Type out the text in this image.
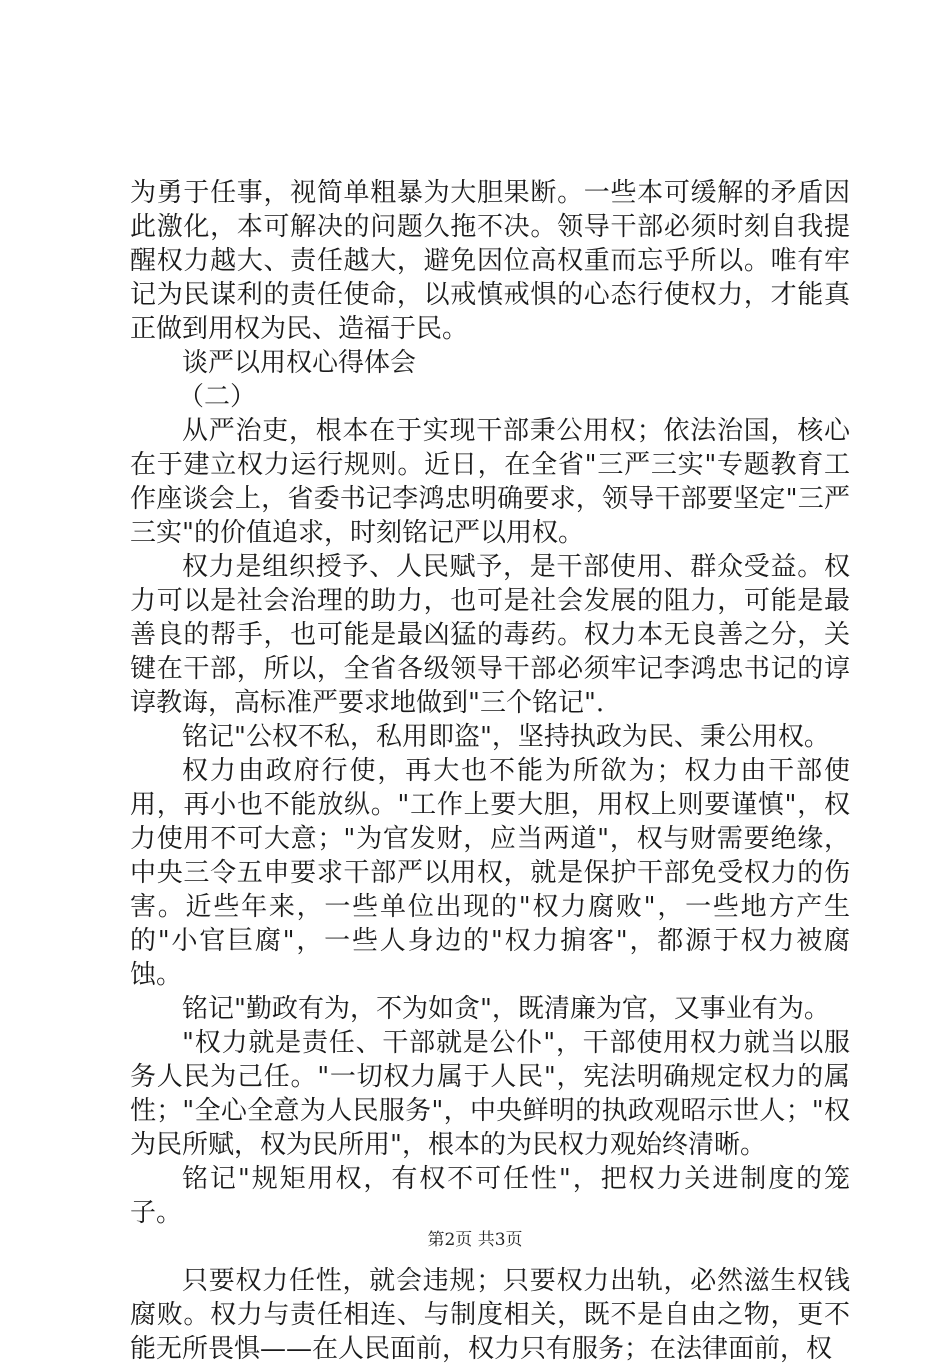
为勇于任事，视简单粗暴为大胆果断。一些本可缓解的矛盾因此激化，本可解决的问题久拖不决。领导干部必须时刻自我提醒权力越大、责任越大，避免因位高权重而忘乎所以。唯有牢记为民谋利的责任使命，以戒慎戒惧的心态行使权力，才能真正做到用权为民、造福于民。

谈严以用权心得体会

（二）

从严治吏，根本在于实现干部秉公用权；依法治国，核心在于建立权力运行规则。近日，在全省"三严三实"专题教育工作座谈会上，省委书记李鸿忠明确要求，领导干部要坚定"三严三实"的价值追求，时刻铭记严以用权。

权力是组织授予、人民赋予，是干部使用、群众受益。权力可以是社会治理的助力，也可是社会发展的阻力，可能是最善良的帮手，也可能是最凶猛的毒药。权力本无良善之分，关键在干部，所以，全省各级领导干部必须牢记李鸿忠书记的谆谆教诲，高标准严要求地做到"三个铭记".

铭记"公权不私，私用即盗"，坚持执政为民、秉公用权。

权力由政府行使，再大也不能为所欲为；权力由干部使用，再小也不能放纵。"工作上要大胆，用权上则要谨慎"，权力使用不可大意；"为官发财，应当两道"，权与财需要绝缘，中央三令五申要求干部严以用权，就是保护干部免受权力的伤害。近些年来，一些单位出现的"权力腐败"，一些地方产生的"小官巨腐"，一些人身边的"权力掮客"，都源于权力被腐蚀。

铭记"勤政有为，不为如贪"，既清廉为官，又事业有为。

"权力就是责任、干部就是公仆"，干部使用权力就当以服务人民为己任。"一切权力属于人民"，宪法明确规定权力的属性；"全心全意为人民服务"，中央鲜明的执政观昭示世人；"权为民所赋，权为民所用"，根本的为民权力观始终清晰。

铭记"规矩用权，有权不可任性"，把权力关进制度的笼子。

只要权力任性，就会违规；只要权力出轨，必然滋生权钱腐败。权力与责任相连、与制度相关，既不是自由之物，更不能无所畏惧——在人民面前，权力只有服务；在法律面前，权

第2页 共3页
